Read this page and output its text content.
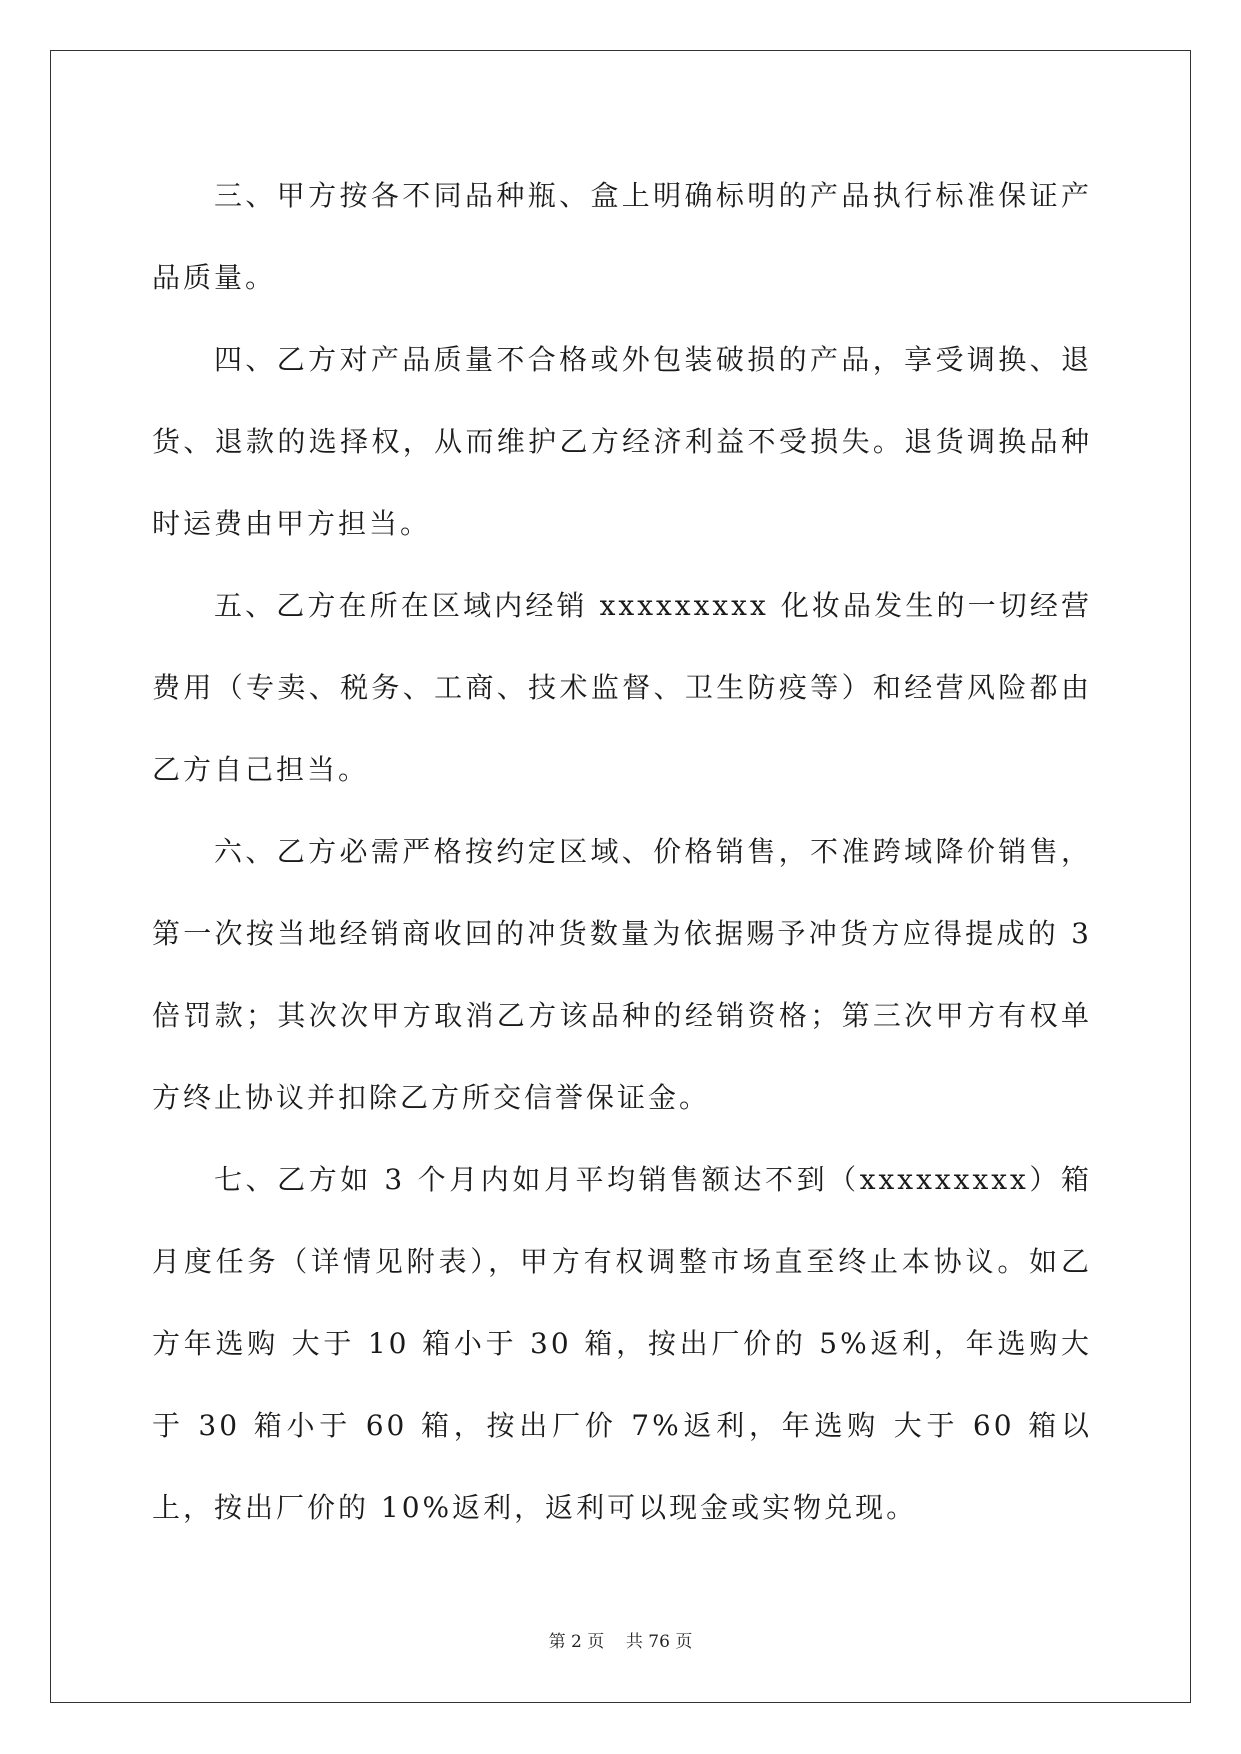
三、甲方按各不同品种瓶、盒上明确标明的产品执行标准保证产品质量。

四、乙方对产品质量不合格或外包装破损的产品，享受调换、退货、退款的选择权，从而维护乙方经济利益不受损失。退货调换品种时运费由甲方担当。

五、乙方在所在区域内经销 xxxxxxxxx 化妆品发生的一切经营费用（专卖、税务、工商、技术监督、卫生防疫等）和经营风险都由乙方自己担当。

六、乙方必需严格按约定区域、价格销售，不准跨域降价销售，第一次按当地经销商收回的冲货数量为依据赐予冲货方应得提成的 3 倍罚款；其次次甲方取消乙方该品种的经销资格；第三次甲方有权单方终止协议并扣除乙方所交信誉保证金。

七、乙方如 3 个月内如月平均销售额达不到（xxxxxxxxx）箱月度任务（详情见附表），甲方有权调整市场直至终止本协议。如乙方年选购 大于 10 箱小于 30 箱，按出厂价的 5%返利，年选购大于 30 箱小于 60 箱，按出厂价 7%返利，年选购 大于 60 箱以上，按出厂价的 10%返利，返利可以现金或实物兑现。

第 2 页 共 76 页
